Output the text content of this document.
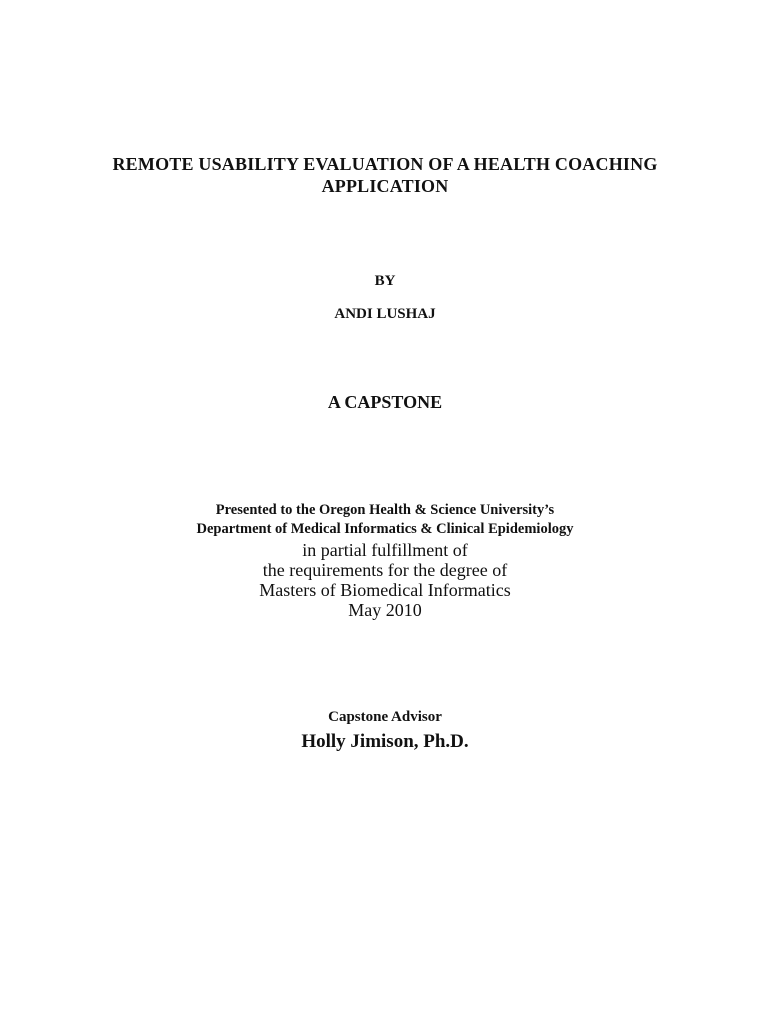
REMOTE USABILITY EVALUATION OF A HEALTH COACHING
APPLICATION
BY
ANDI LUSHAJ
A CAPSTONE
Presented to the Oregon Health & Science University’s
Department of Medical Informatics & Clinical Epidemiology
in partial fulfillment of
the requirements for the degree of
Masters of Biomedical Informatics
May 2010
Capstone Advisor
Holly Jimison, Ph.D.
